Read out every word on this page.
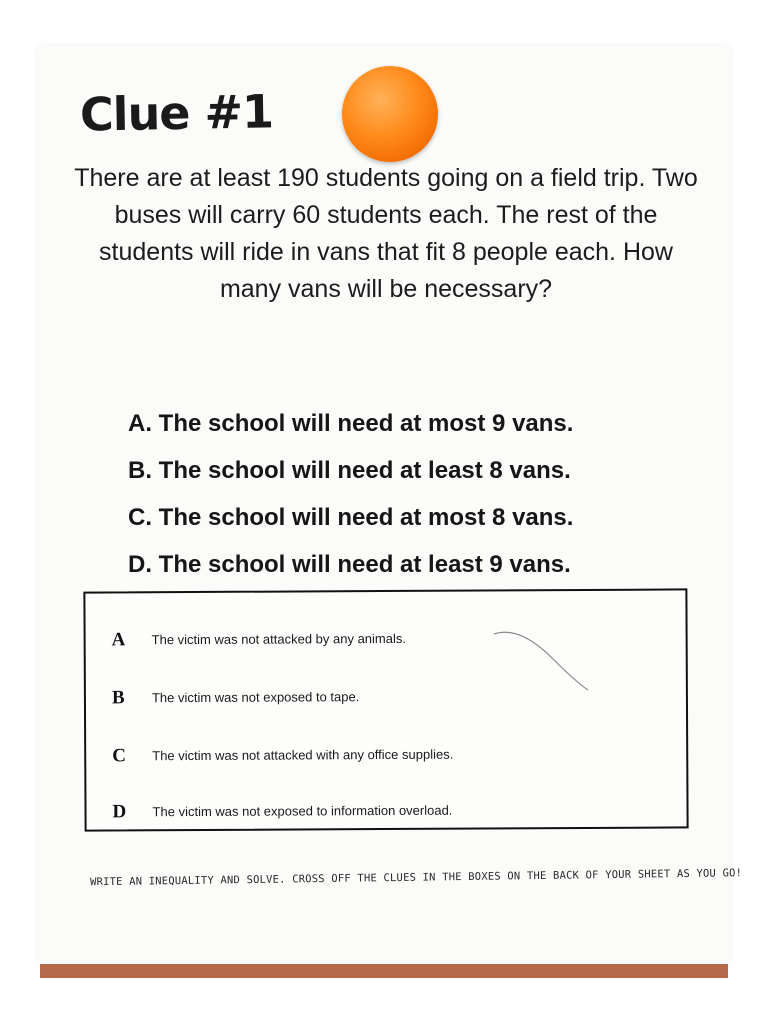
Clue #1

There are at least 190 students going on a field trip. Two buses will carry 60 students each. The rest of the students will ride in vans that fit 8 people each. How many vans will be necessary?

A. The school will need at most 9 vans.
B. The school will need at least 8 vans.
C. The school will need at most 8 vans.
D. The school will need at least 9 vans.
A The victim was not attacked by any animals.
B The victim was not exposed to tape.
C The victim was not attacked with any office supplies.
D The victim was not exposed to information overload.
WRITE AN INEQUALITY AND SOLVE. CROSS OFF THE CLUES IN THE BOXES ON THE BACK OF YOUR SHEET AS YOU GO!
